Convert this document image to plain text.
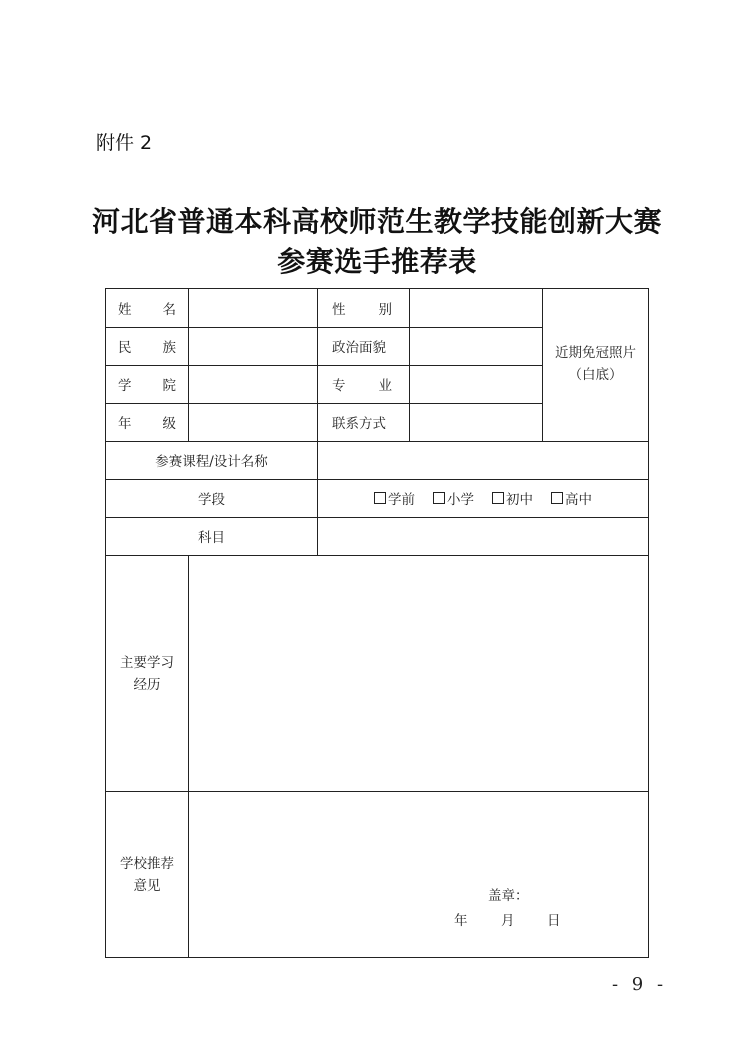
附件 2
河北省普通本科高校师范生教学技能创新大赛
参赛选手推荐表
姓 名	性 别
民 族	政治面貌
学 院	专 业
年 级	联系方式
近期免冠照片
（白底）
参赛课程/设计名称
学段	学前 小学 初中 高中
科目
主要学习
经历
学校推荐
意见
盖章：
年 月 日
- 9 -
